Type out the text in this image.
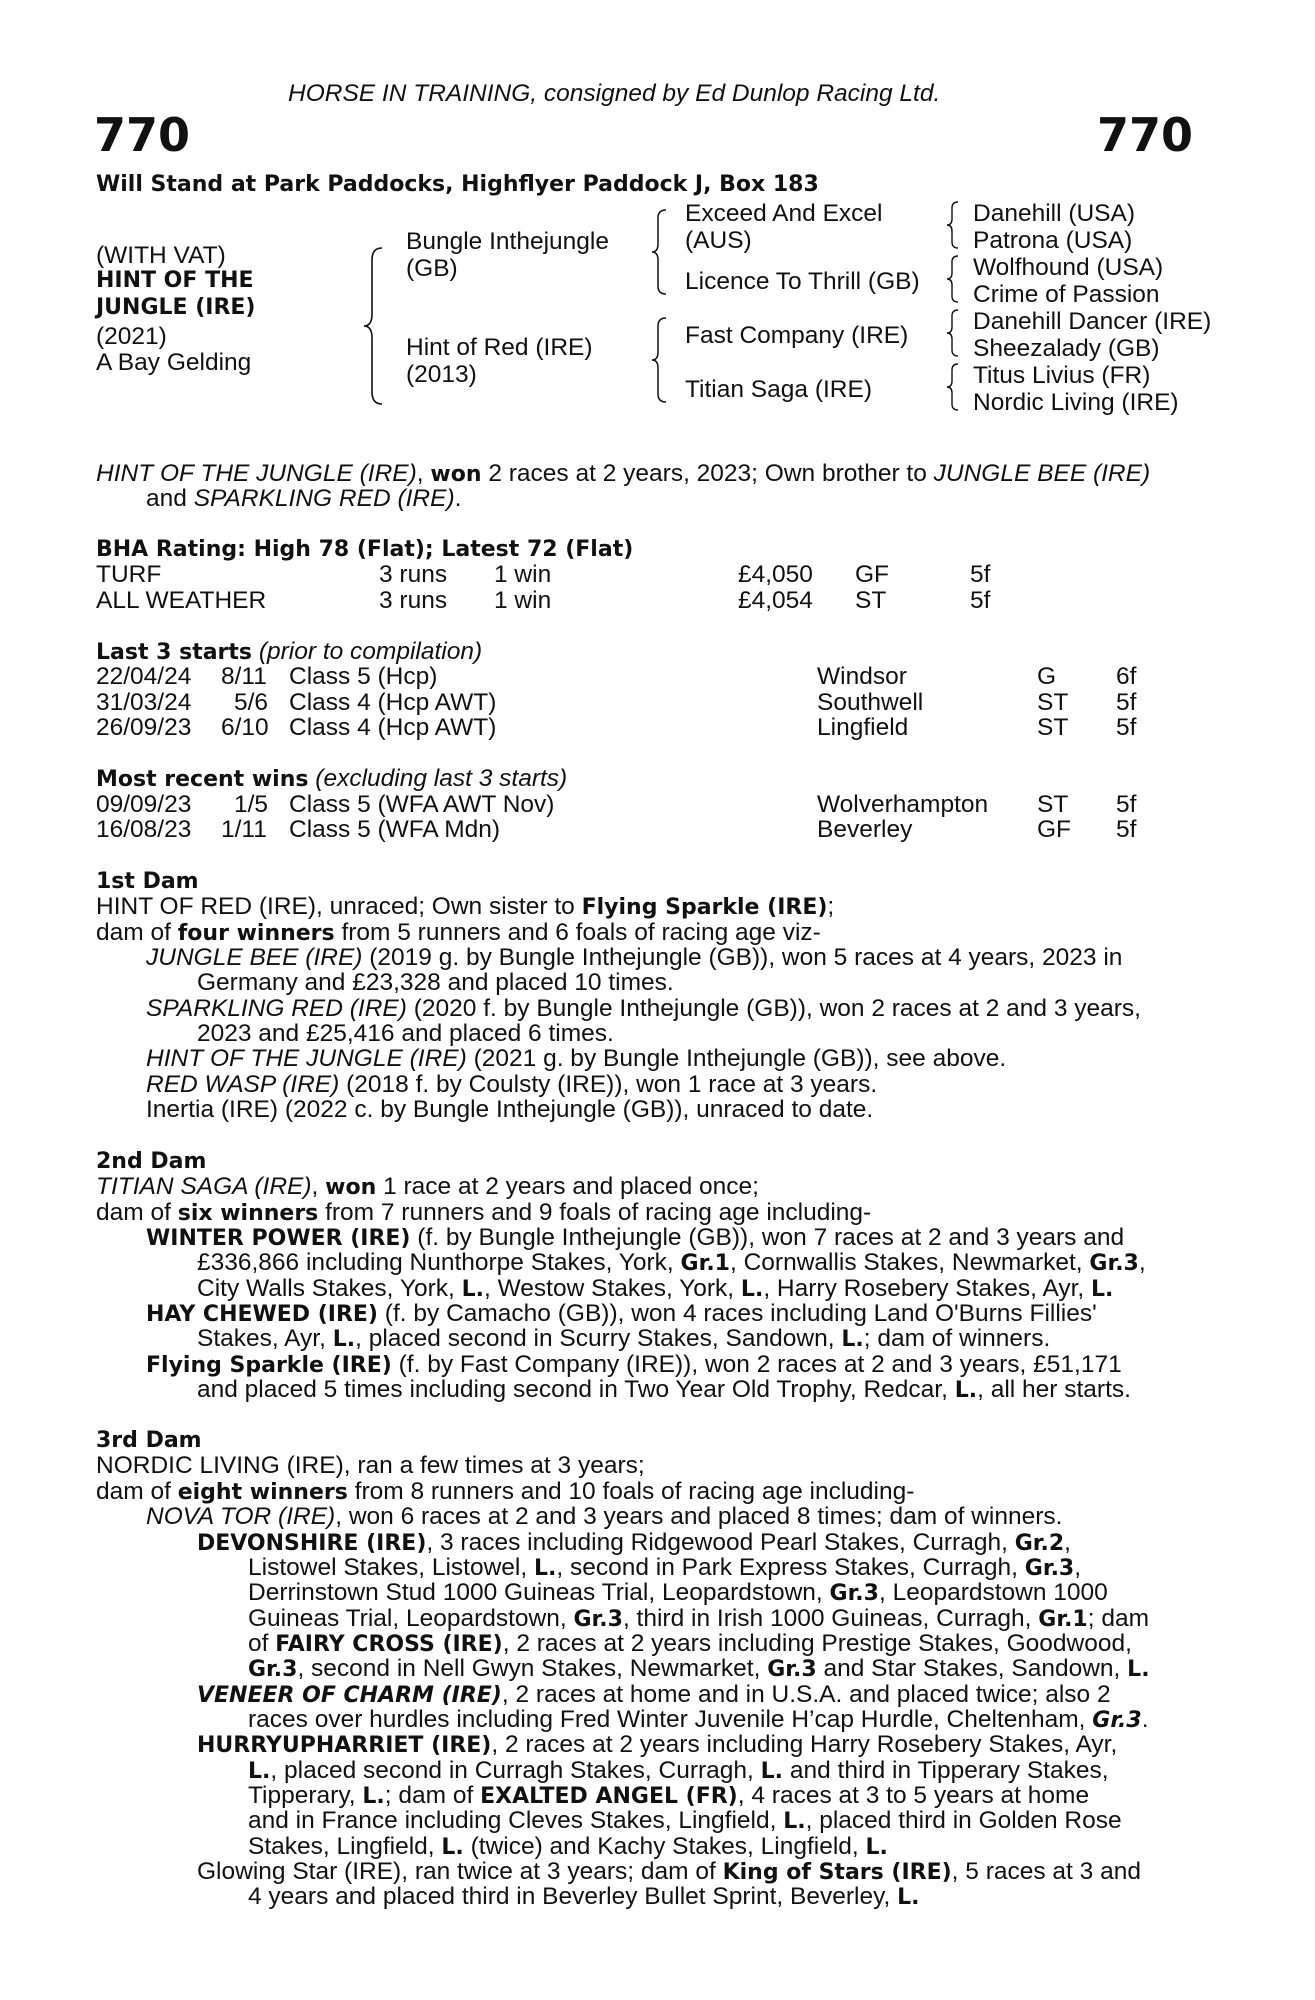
HORSE IN TRAINING, consigned by Ed Dunlop Racing Ltd.
770	770
Will Stand at Park Paddocks, Highflyer Paddock J, Box 183
(WITH VAT)
HINT OF THE
JUNGLE (IRE)
(2021)
A Bay Gelding
Bungle Inthejungle
(GB)
Hint of Red (IRE)
(2013)
Exceed And Excel
(AUS)
Licence To Thrill (GB)
Fast Company (IRE)
Titian Saga (IRE)
Danehill (USA)
Patrona (USA)
Wolfhound (USA)
Crime of Passion
Danehill Dancer (IRE)
Sheezalady (GB)
Titus Livius (FR)
Nordic Living (IRE)
HINT OF THE JUNGLE (IRE), won 2 races at 2 years, 2023; Own brother to JUNGLE BEE (IRE)
and SPARKLING RED (IRE).
BHA Rating: High 78 (Flat); Latest 72 (Flat)
TURF	3 runs 1 win	£4,050 GF	5f
ALL WEATHER	3 runs 1 win	£4,054 ST	5f
Last 3 starts (prior to compilation)
22/04/24 8/11 Class 5 (Hcp)	Windsor	G 6f
31/03/24 5/6 Class 4 (Hcp AWT)	Southwell	ST 5f
26/09/23 6/10 Class 4 (Hcp AWT)	Lingfield	ST 5f
Most recent wins (excluding last 3 starts)
09/09/23 1/5 Class 5 (WFA AWT Nov)	Wolverhampton ST 5f
16/08/23 1/11 Class 5 (WFA Mdn)	Beverley	GF 5f
1st Dam
HINT OF RED (IRE), unraced; Own sister to Flying Sparkle (IRE);
dam of four winners from 5 runners and 6 foals of racing age viz-
JUNGLE BEE (IRE) (2019 g. by Bungle Inthejungle (GB)), won 5 races at 4 years, 2023 in
Germany and £23,328 and placed 10 times.
SPARKLING RED (IRE) (2020 f. by Bungle Inthejungle (GB)), won 2 races at 2 and 3 years,
2023 and £25,416 and placed 6 times.
HINT OF THE JUNGLE (IRE) (2021 g. by Bungle Inthejungle (GB)), see above.
RED WASP (IRE) (2018 f. by Coulsty (IRE)), won 1 race at 3 years.
Inertia (IRE) (2022 c. by Bungle Inthejungle (GB)), unraced to date.
2nd Dam
TITIAN SAGA (IRE), won 1 race at 2 years and placed once;
dam of six winners from 7 runners and 9 foals of racing age including-
WINTER POWER (IRE) (f. by Bungle Inthejungle (GB)), won 7 races at 2 and 3 years and
£336,866 including Nunthorpe Stakes, York, Gr.1, Cornwallis Stakes, Newmarket, Gr.3,
City Walls Stakes, York, L., Westow Stakes, York, L., Harry Rosebery Stakes, Ayr, L.
HAY CHEWED (IRE) (f. by Camacho (GB)), won 4 races including Land O'Burns Fillies'
Stakes, Ayr, L., placed second in Scurry Stakes, Sandown, L.; dam of winners.
Flying Sparkle (IRE) (f. by Fast Company (IRE)), won 2 races at 2 and 3 years, £51,171
and placed 5 times including second in Two Year Old Trophy, Redcar, L., all her starts.
3rd Dam
NORDIC LIVING (IRE), ran a few times at 3 years;
dam of eight winners from 8 runners and 10 foals of racing age including-
NOVA TOR (IRE), won 6 races at 2 and 3 years and placed 8 times; dam of winners.
DEVONSHIRE (IRE), 3 races including Ridgewood Pearl Stakes, Curragh, Gr.2,
Listowel Stakes, Listowel, L., second in Park Express Stakes, Curragh, Gr.3,
Derrinstown Stud 1000 Guineas Trial, Leopardstown, Gr.3, Leopardstown 1000
Guineas Trial, Leopardstown, Gr.3, third in Irish 1000 Guineas, Curragh, Gr.1; dam
of FAIRY CROSS (IRE), 2 races at 2 years including Prestige Stakes, Goodwood,
Gr.3, second in Nell Gwyn Stakes, Newmarket, Gr.3 and Star Stakes, Sandown, L.
VENEER OF CHARM (IRE), 2 races at home and in U.S.A. and placed twice; also 2
races over hurdles including Fred Winter Juvenile H’cap Hurdle, Cheltenham, Gr.3.
HURRYUPHARRIET (IRE), 2 races at 2 years including Harry Rosebery Stakes, Ayr,
L., placed second in Curragh Stakes, Curragh, L. and third in Tipperary Stakes,
Tipperary, L.; dam of EXALTED ANGEL (FR), 4 races at 3 to 5 years at home
and in France including Cleves Stakes, Lingfield, L., placed third in Golden Rose
Stakes, Lingfield, L. (twice) and Kachy Stakes, Lingfield, L.
Glowing Star (IRE), ran twice at 3 years; dam of King of Stars (IRE), 5 races at 3 and
4 years and placed third in Beverley Bullet Sprint, Beverley, L.
